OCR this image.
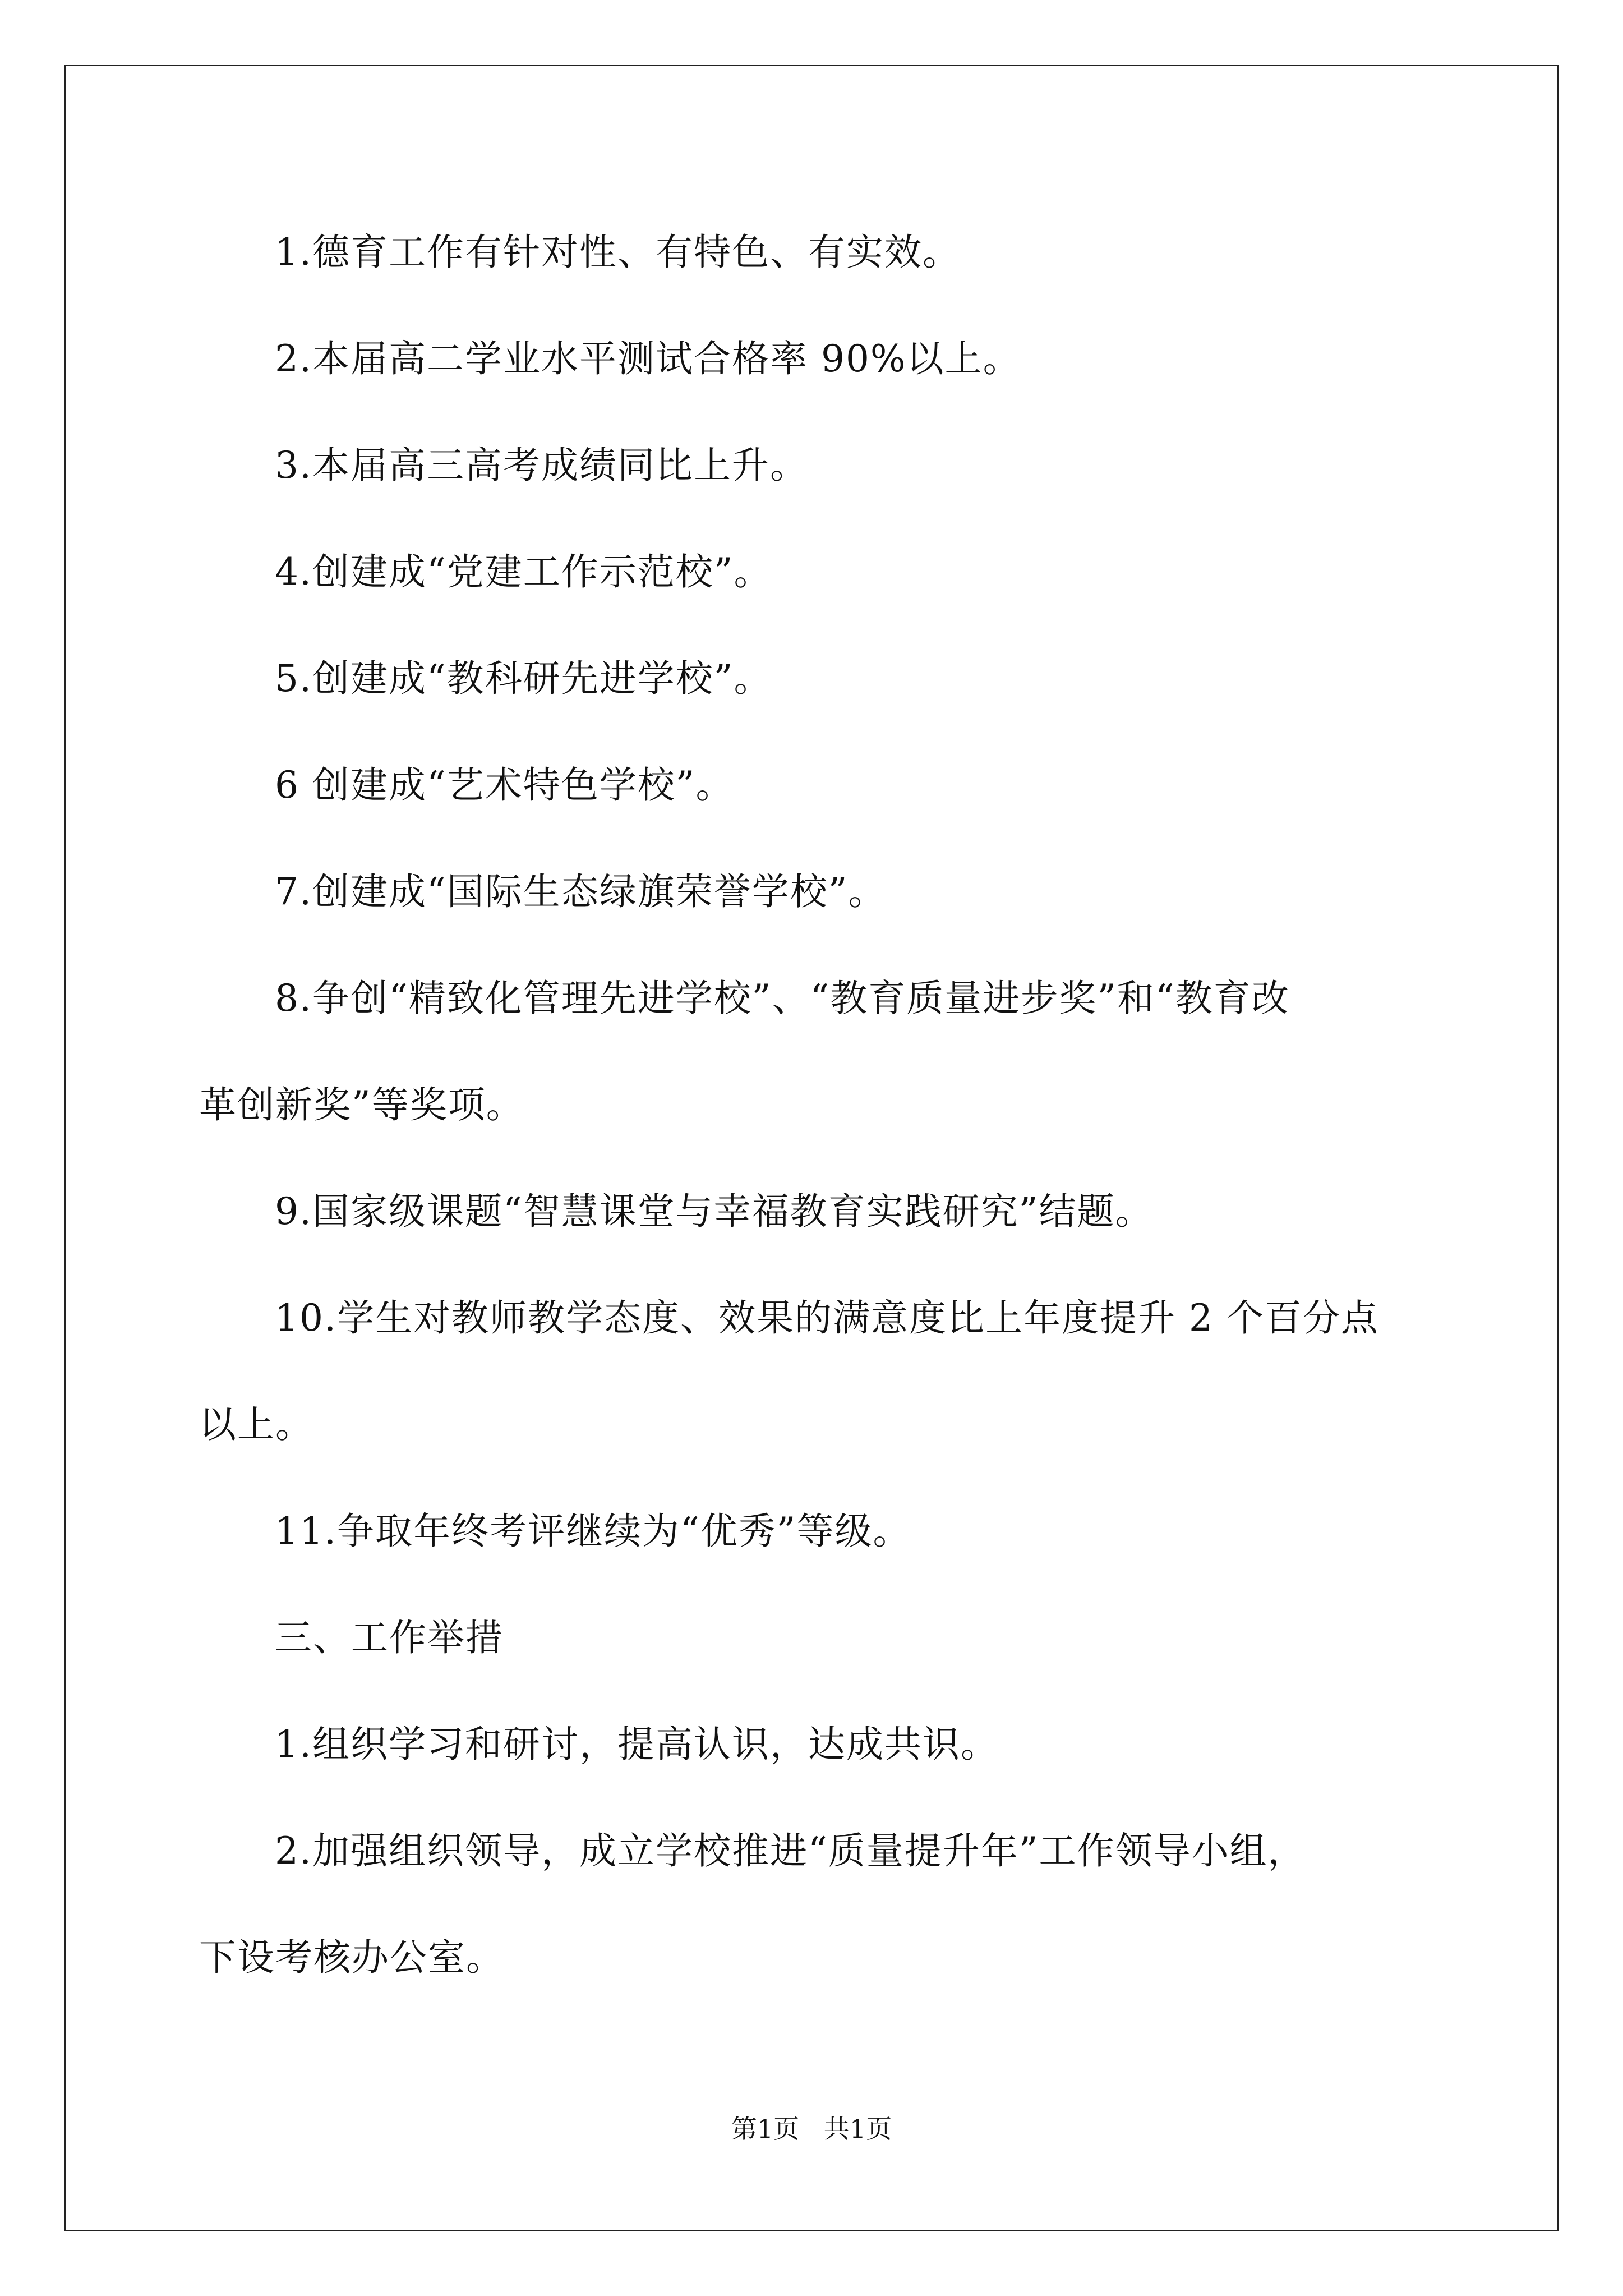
1.德育工作有针对性、有特色、有实效。
2.本届高二学业水平测试合格率 90%以上。
3.本届高三高考成绩同比上升。
4.创建成“党建工作示范校”。
5.创建成“教科研先进学校”。
6 创建成“艺术特色学校”。
7.创建成“国际生态绿旗荣誉学校”。
8.争创“精致化管理先进学校”、“教育质量进步奖”和“教育改
革创新奖”等奖项。
9.国家级课题“智慧课堂与幸福教育实践研究”结题。
10.学生对教师教学态度、效果的满意度比上年度提升 2 个百分点
以上。
11.争取年终考评继续为“优秀”等级。
三、工作举措
1.组织学习和研讨，提高认识，达成共识。
2.加强组织领导，成立学校推进“质量提升年”工作领导小组，
下设考核办公室。
第1页   共1页
